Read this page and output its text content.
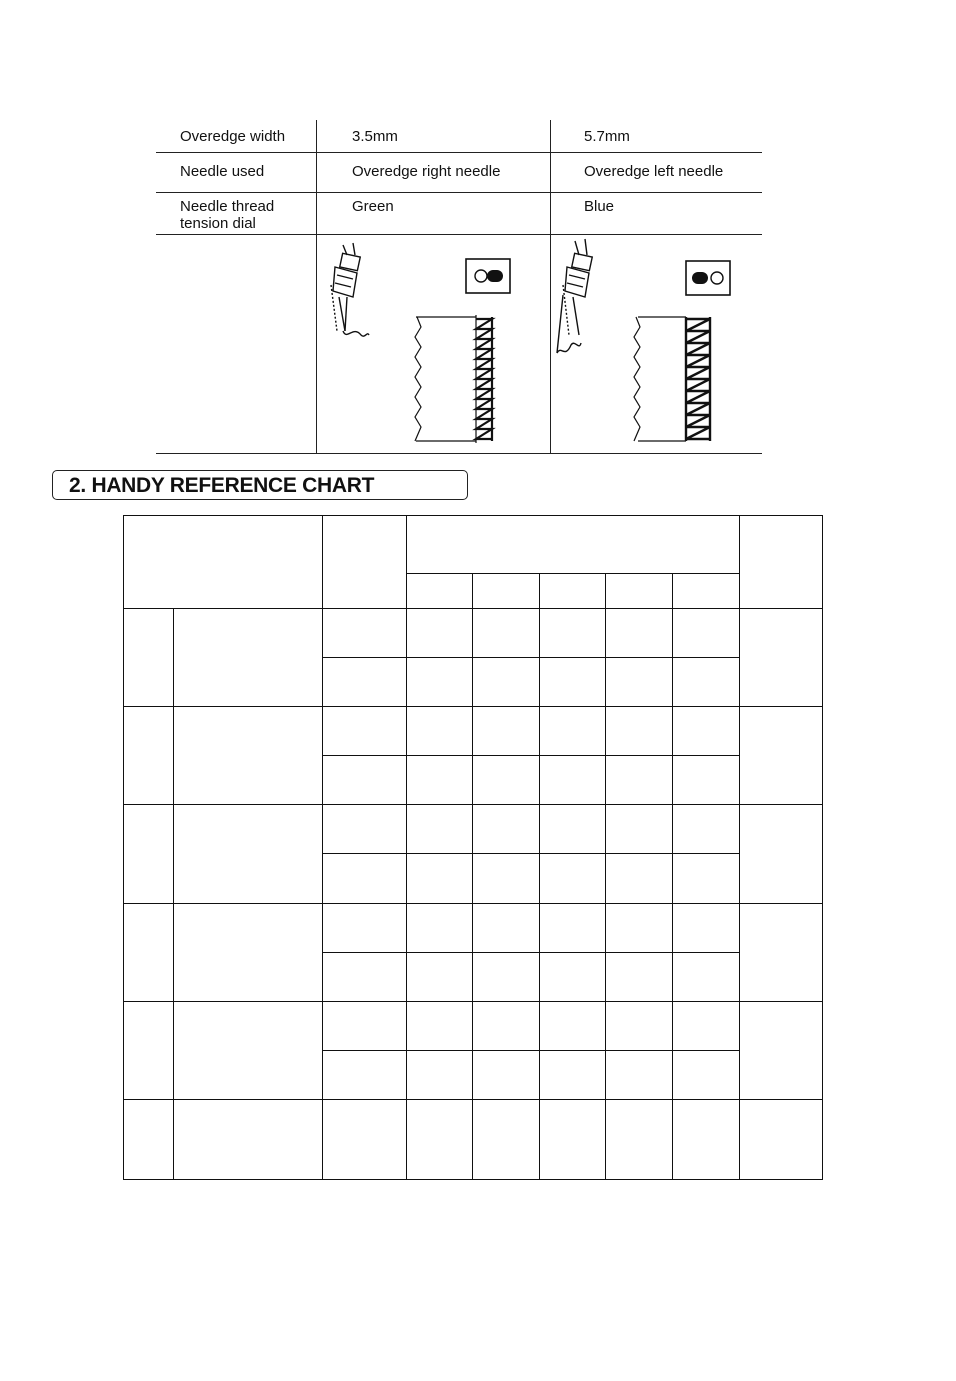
Overedge width
Needle used
Needle thread
tension dial
3.5mm
Overedge right needle
Green
5.7mm
Overedge left needle
Blue
2. HANDY REFERENCE CHART
